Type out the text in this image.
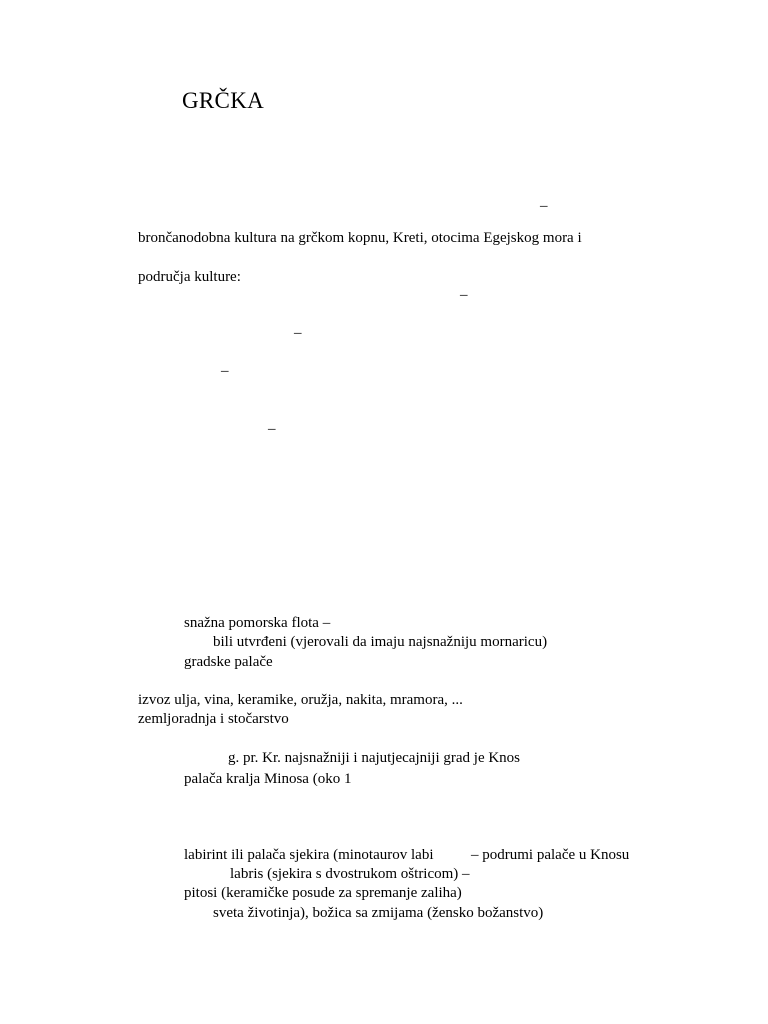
GRČKA
–
brončanodobna kultura na grčkom kopnu, Kreti, otocima Egejskog mora i
područja kulture:
–
–
–
–
snažna pomorska flota –
bili utvrđeni (vjerovali da imaju najsnažniju mornaricu)
gradske palače
izvoz ulja, vina, keramike, oružja, nakita, mramora, ...
zemljoradnja i stočarstvo
g. pr. Kr. najsnažniji i najutjecajniji grad je Knos
palača kralja Minosa (oko 1
labirint ili palača sjekira (minotaurov labi	– podrumi palače u Knosu
labris (sjekira s dvostrukom oštricom) –
pitosi (keramičke posude za spremanje zaliha)
sveta životinja), božica sa zmijama (žensko božanstvo)
